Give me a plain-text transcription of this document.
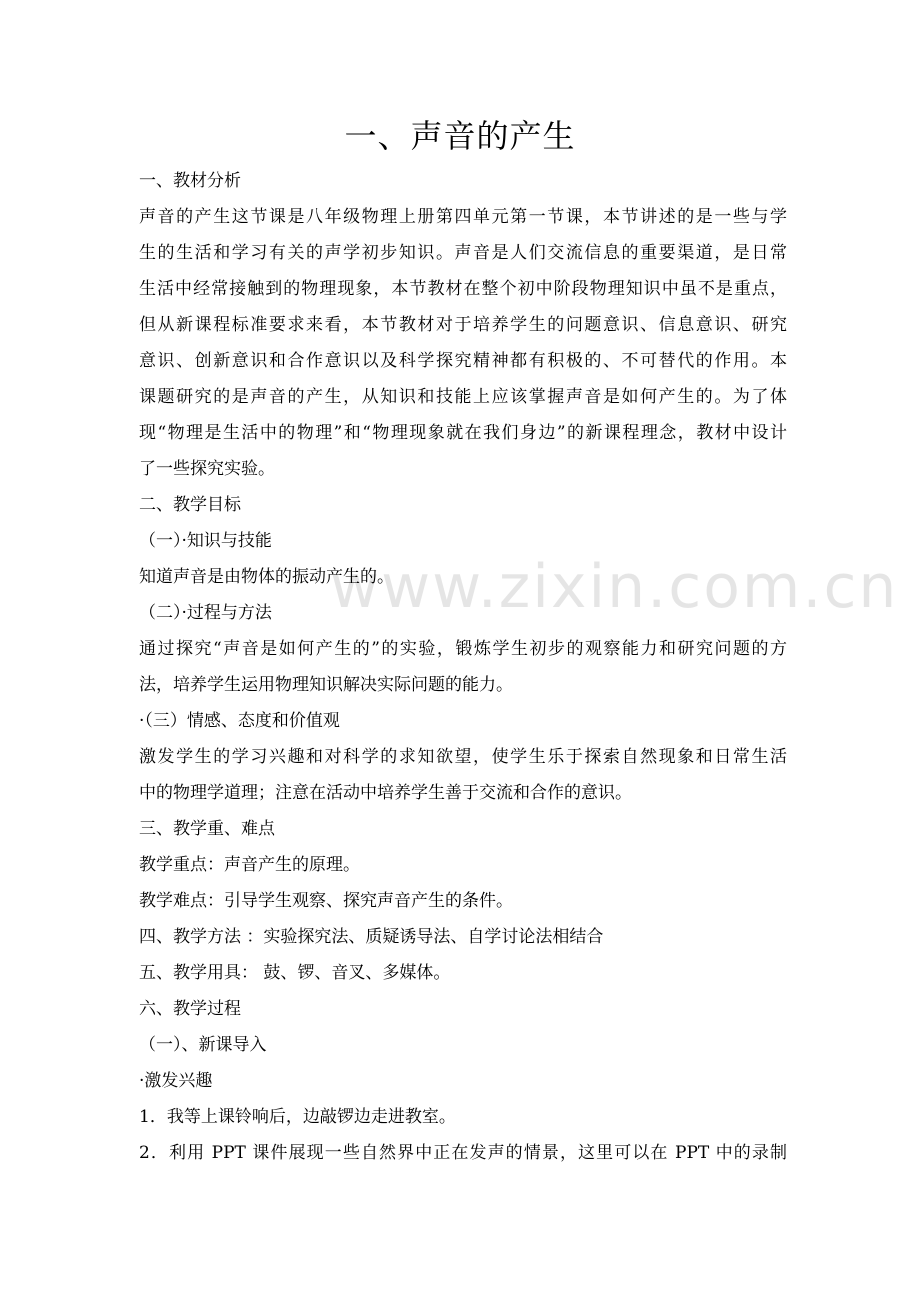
www.zixin.com.cn
一、声音的产生
一、教材分析
声音的产生这节课是八年级物理上册第四单元第一节课，本节讲述的是一些与学
生的生活和学习有关的声学初步知识。声音是人们交流信息的重要渠道，是日常
生活中经常接触到的物理现象，本节教材在整个初中阶段物理知识中虽不是重点，
但从新课程标准要求来看，本节教材对于培养学生的问题意识、信息意识、研究
意识、创新意识和合作意识以及科学探究精神都有积极的、不可替代的作用。本
课题研究的是声音的产生，从知识和技能上应该掌握声音是如何产生的。为了体
现“物理是生活中的物理”和“物理现象就在我们身边”的新课程理念，教材中设计
了一些探究实验。
二、教学目标
（一）·知识与技能
知道声音是由物体的振动产生的。
（二）·过程与方法
通过探究“声音是如何产生的”的实验，锻炼学生初步的观察能力和研究问题的方
法，培养学生运用物理知识解决实际问题的能力。
·（三）情感、态度和价值观
激发学生的学习兴趣和对科学的求知欲望，使学生乐于探索自然现象和日常生活
中的物理学道理；注意在活动中培养学生善于交流和合作的意识。
三、教学重、难点
教学重点：声音产生的原理。
教学难点：引导学生观察、探究声音产生的条件。
四、教学方法 ：实验探究法、质疑诱导法、自学讨论法相结合
五、教学用具： 鼓、锣、音叉、多媒体。
六、教学过程
（一）、新课导入
·激发兴趣
1．我等上课铃响后，边敲锣边走进教室。
2．利用 PPT 课件展现一些自然界中正在发声的情景，这里可以在 PPT 中的录制
